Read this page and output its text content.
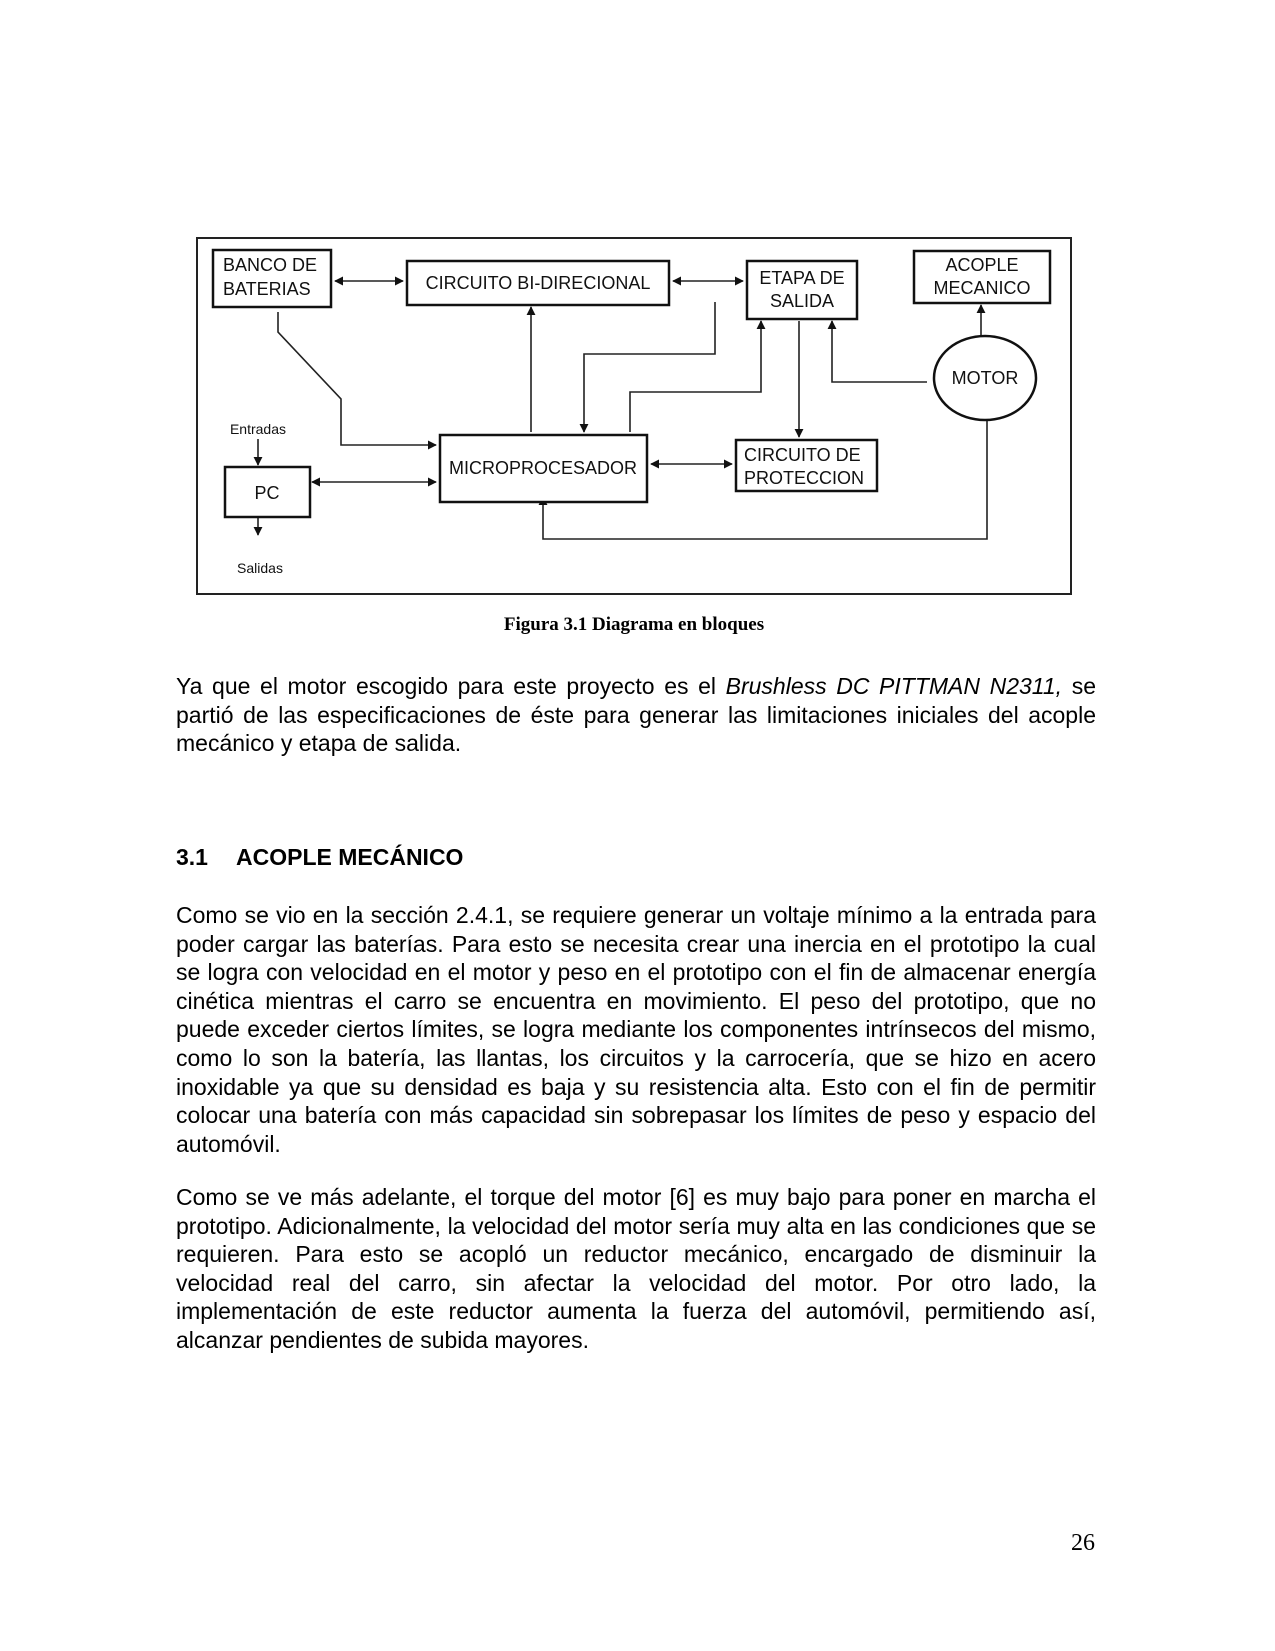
BANCO DE
BATERIAS	CIRCUITO BI-DIRECIONAL	ETAPA DE
SALIDA
ACOPLE
MECANICO
MOTOR
MICROPROCESADOR
CIRCUITO DE
PROTECCION
PC
Entradas
Salidas
Figura 3.1 Diagrama en bloques

Ya que el motor escogido para este proyecto es el Brushless DC PITTMAN N2311, se partió de las especificaciones de éste para generar las limitaciones iniciales del acople mecánico y etapa de salida.

3.1 ACOPLE MECÁNICO

Como se vio en la sección 2.4.1, se requiere generar un voltaje mínimo a la entrada para poder cargar las baterías. Para esto se necesita crear una inercia en el prototipo la cual se logra con velocidad en el motor y peso en el prototipo con el fin de almacenar energía cinética mientras el carro se encuentra en movimiento. El peso del prototipo, que no puede exceder ciertos límites, se logra mediante los componentes intrínsecos del mismo, como lo son la batería, las llantas, los circuitos y la carrocería, que se hizo en acero inoxidable ya que su densidad es baja y su resistencia alta. Esto con el fin de permitir colocar una batería con más capacidad sin sobrepasar los límites de peso y espacio del automóvil.

Como se ve más adelante, el torque del motor [6] es muy bajo para poner en marcha el prototipo. Adicionalmente, la velocidad del motor sería muy alta en las condiciones que se requieren. Para esto se acopló un reductor mecánico, encargado de disminuir la velocidad real del carro, sin afectar la velocidad del motor. Por otro lado, la implementación de este reductor aumenta la fuerza del automóvil, permitiendo así, alcanzar pendientes de subida mayores.

26
